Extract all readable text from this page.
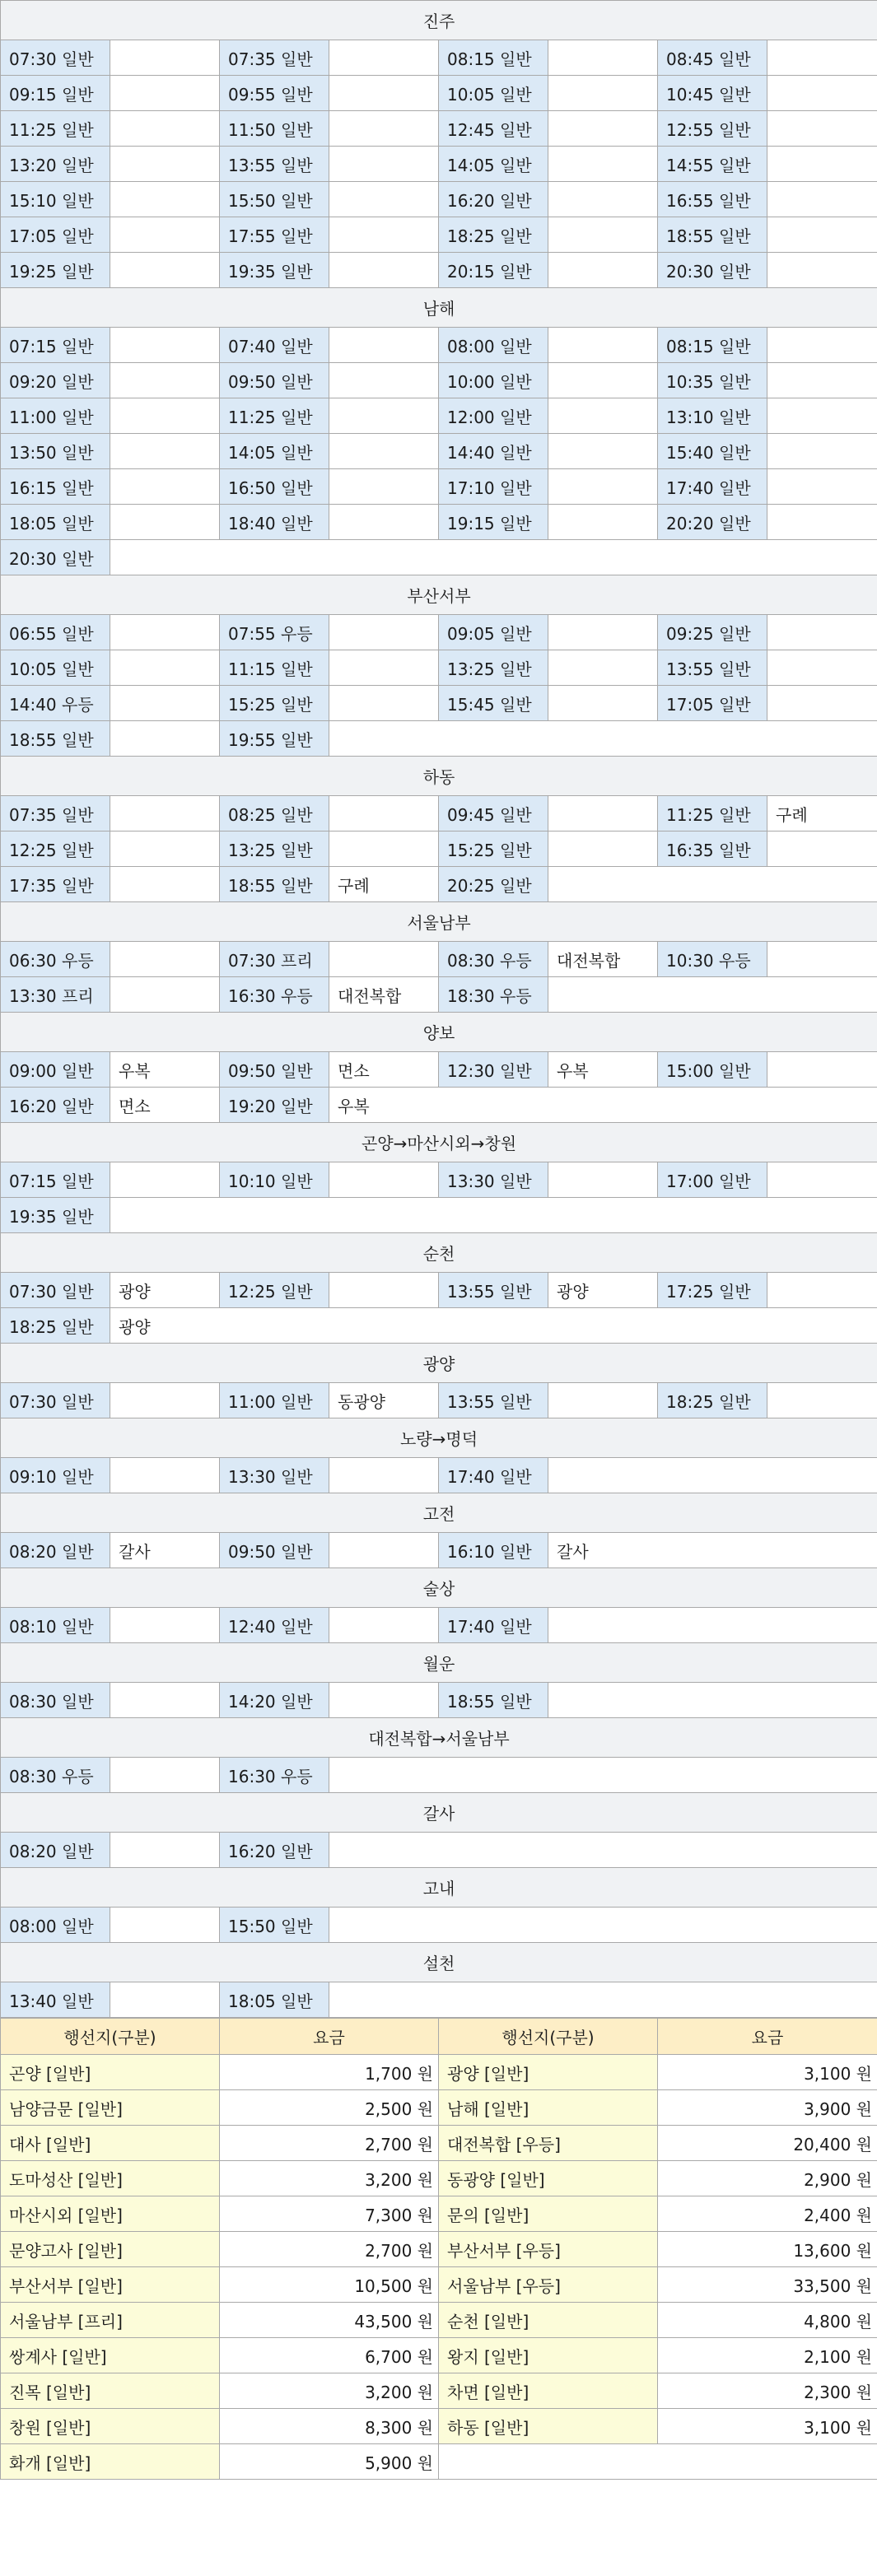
진주							
07:30 일반		07:35 일반		08:15 일반		08:45 일반	
09:15 일반		09:55 일반		10:05 일반		10:45 일반	
11:25 일반		11:50 일반		12:45 일반		12:55 일반	
13:20 일반		13:55 일반		14:05 일반		14:55 일반	
15:10 일반		15:50 일반		16:20 일반		16:55 일반	
17:05 일반		17:55 일반		18:25 일반		18:55 일반	
19:25 일반		19:35 일반		20:15 일반		20:30 일반	
남해							
07:15 일반		07:40 일반		08:00 일반		08:15 일반	
09:20 일반		09:50 일반		10:00 일반		10:35 일반	
11:00 일반		11:25 일반		12:00 일반		13:10 일반	
13:50 일반		14:05 일반		14:40 일반		15:40 일반	
16:15 일반		16:50 일반		17:10 일반		17:40 일반	
18:05 일반		18:40 일반		19:15 일반		20:20 일반	
20:30 일반							
부산서부							
06:55 일반		07:55 우등		09:05 일반		09:25 일반	
10:05 일반		11:15 일반		13:25 일반		13:55 일반	
14:40 우등		15:25 일반		15:45 일반		17:05 일반	
18:55 일반		19:55 일반					
하동							
07:35 일반		08:25 일반		09:45 일반		11:25 일반	구례
12:25 일반		13:25 일반		15:25 일반		16:35 일반	
17:35 일반		18:55 일반	구례	20:25 일반			
서울남부							
06:30 우등		07:30 프리		08:30 우등	대전복합	10:30 우등	
13:30 프리		16:30 우등	대전복합	18:30 우등			
양보							
09:00 일반	우복	09:50 일반	면소	12:30 일반	우복	15:00 일반	
16:20 일반	면소	19:20 일반	우복				
곤양→마산시외→창원							
07:15 일반		10:10 일반		13:30 일반		17:00 일반	
19:35 일반							
순천							
07:30 일반	광양	12:25 일반		13:55 일반	광양	17:25 일반	
18:25 일반	광양						
광양							
07:30 일반		11:00 일반	동광양	13:55 일반		18:25 일반	
노량→명덕							
09:10 일반		13:30 일반		17:40 일반			
고전							
08:20 일반	갈사	09:50 일반		16:10 일반	갈사		
술상							
08:10 일반		12:40 일반		17:40 일반			
월운							
08:30 일반		14:20 일반		18:55 일반			
대전복합→서울남부							
08:30 우등		16:30 우등					
갈사							
08:20 일반		16:20 일반					
고내							
08:00 일반		15:50 일반					
설천							
13:40 일반		18:05 일반					
행선지(구분)	요금	행선지(구분)	요금
곤양 [일반]	1,700 원	광양 [일반]	3,100 원
남양금문 [일반]	2,500 원	남해 [일반]	3,900 원
대사 [일반]	2,700 원	대전복합 [우등]	20,400 원
도마성산 [일반]	3,200 원	동광양 [일반]	2,900 원
마산시외 [일반]	7,300 원	문의 [일반]	2,400 원
문양고사 [일반]	2,700 원	부산서부 [우등]	13,600 원
부산서부 [일반]	10,500 원	서울남부 [우등]	33,500 원
서울남부 [프리]	43,500 원	순천 [일반]	4,800 원
쌍계사 [일반]	6,700 원	왕지 [일반]	2,100 원
진목 [일반]	3,200 원	차면 [일반]	2,300 원
창원 [일반]	8,300 원	하동 [일반]	3,100 원
화개 [일반]	5,900 원		
